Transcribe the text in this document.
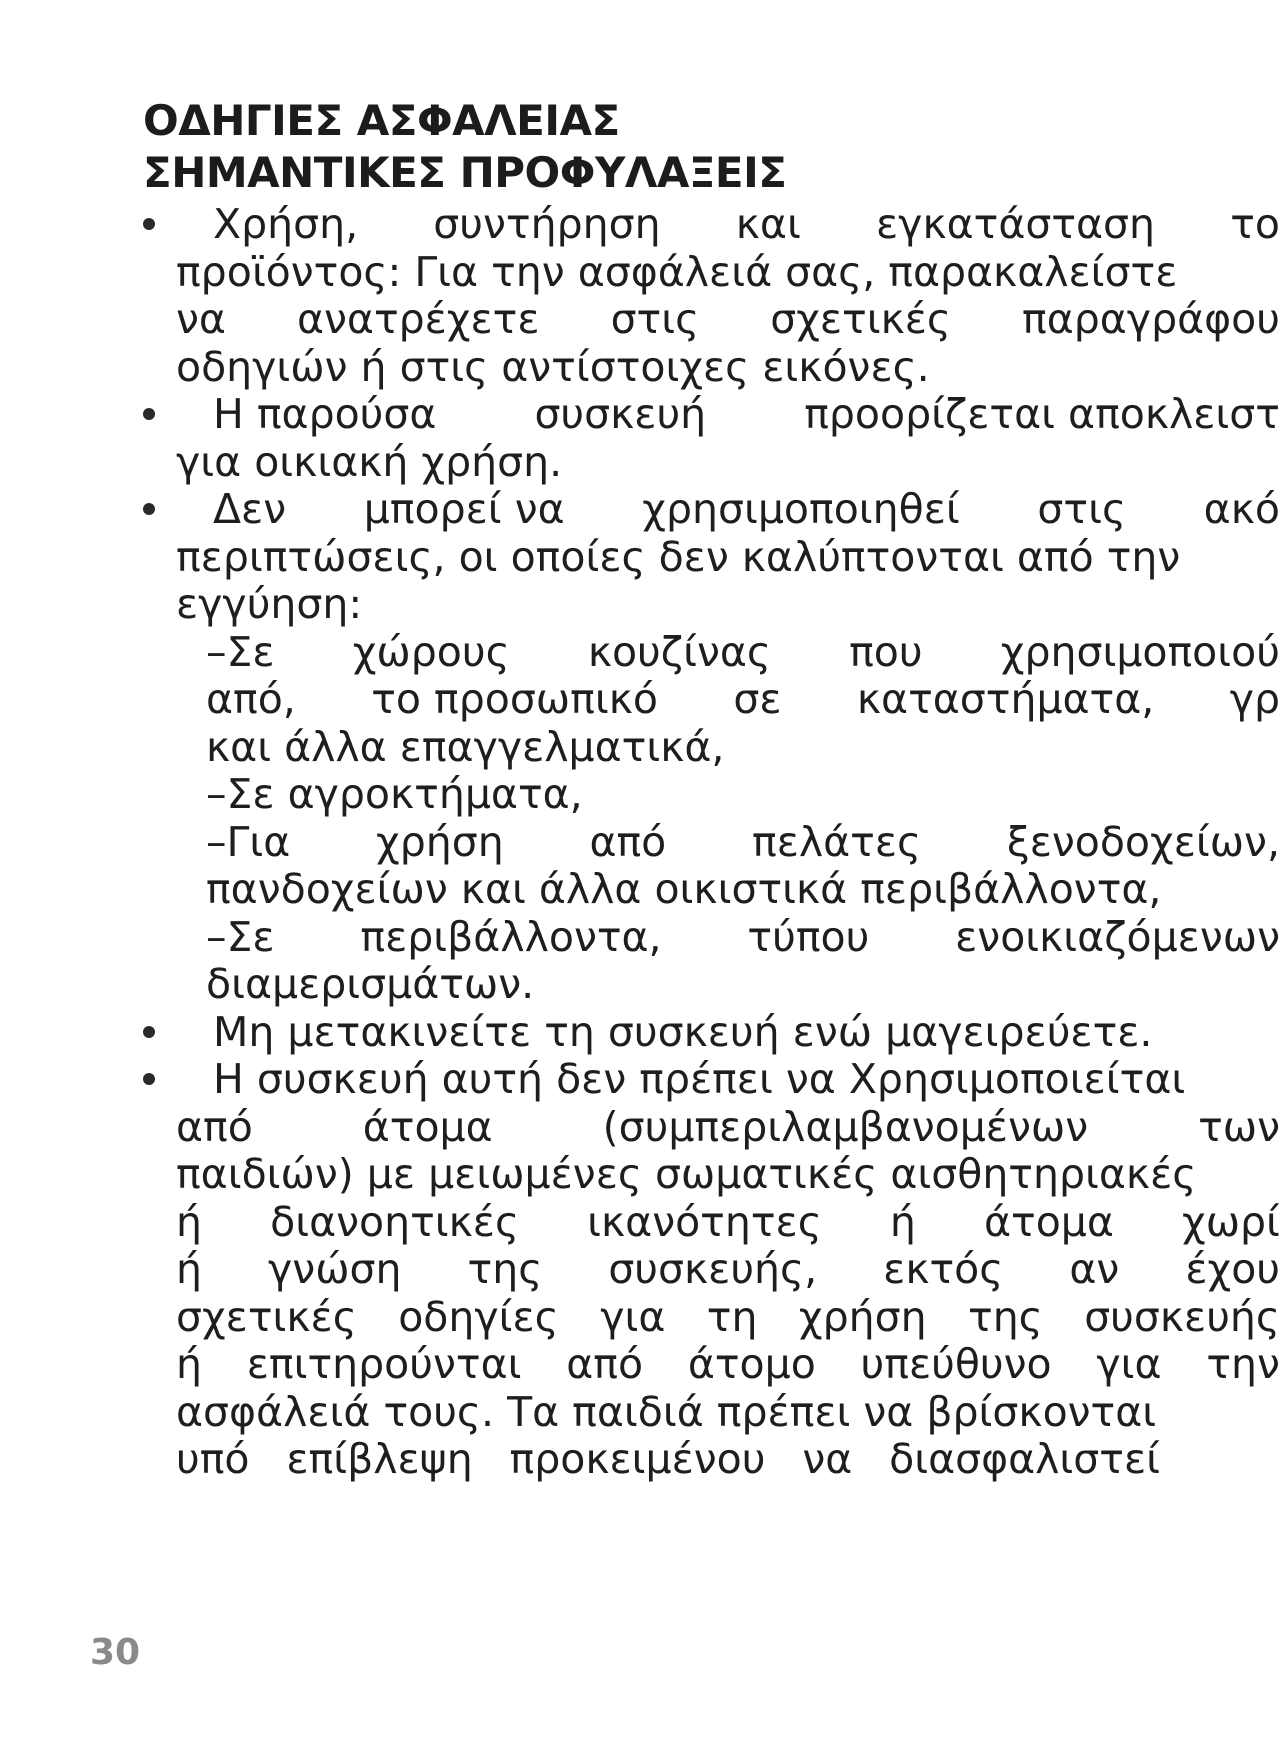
ΟΔΗΓΙΕΣ ΑΣΦΑΛΕΙΑΣ
ΣΗΜΑΝΤΙΚΕΣ ΠΡΟΦΥΛΑΞΕΙΣ
Χρήση, συντήρηση και εγκατάσταση το
προϊόντος: Για την ασφάλειά σας, παρακαλείστε
να ανατρέχετε στις σχετικές παραγράφου
οδηγιών ή στις αντίστοιχες εικόνες.
Η παρούσα συσκευή προορίζεται αποκλειστ
για οικιακή χρήση.
Δεν μπορεί να χρησιμοποιηθεί στις ακό
περιπτώσεις, οι οποίες δεν καλύπτονται από την
εγγύηση:
–Σε χώρους κουζίνας που χρησιμοποιού
από, το προσωπικό σε καταστήματα, γρ
και άλλα επαγγελματικά,
–Σε αγροκτήματα,
–Για χρήση από πελάτες ξενοδοχείων,
πανδοχείων και άλλα οικιστικά περιβάλλοντα,
–Σε περιβάλλοντα, τύπου ενοικιαζόμενων
διαμερισμάτων.
Μη μετακινείτε τη συσκευή ενώ μαγειρεύετε.
Η συσκευή αυτή δεν πρέπει να Χρησιμοποιείται
από	άτομα	(συμπεριλαμβανομένων	των
παιδιών) με μειωμένες σωματικές αισθητηριακές
ή διανοητικές ικανότητες ή άτομα χωρί
ή γνώση της συσκευής, εκτός αν έχου
σχετικές οδηγίες για τη χρήση της συσκευής
ή επιτηρούνται από άτομο υπεύθυνο για την
ασφάλειά τους. Τα παιδιά πρέπει να βρίσκονται
υπό επίβλεψη προκειμένου να διασφαλιστεί
30
